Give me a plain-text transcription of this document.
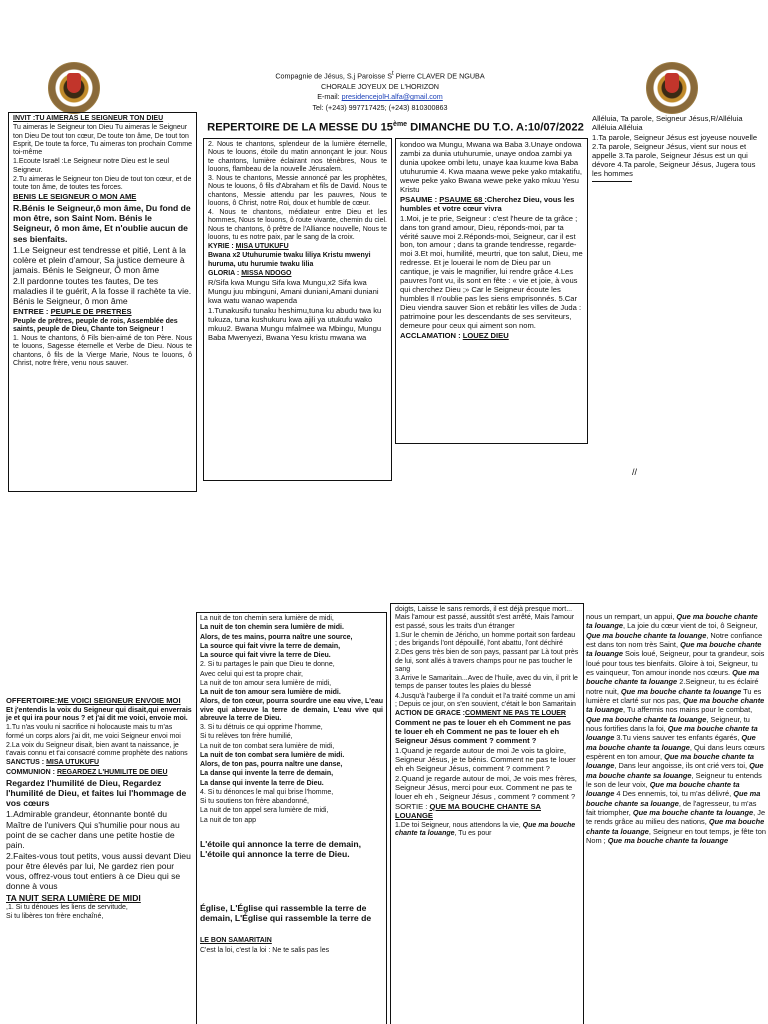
Compagnie de Jésus, S.j Paroisse $S^t$ Pierre CLAVER DE NGUBA
CHORALE JOYEUX DE L'HORIZON
E-mail: presidencejolH.alfa@gmail.com
Tel: (+243) 997717425; (+243) 810300863
REPERTOIRE DE LA MESSE DU 15ème DIMANCHE DU T.O. A:10/07/2022

INVIT :TU AIMERAS LE SEIGNEUR TON DIEU

Tu aimeras le Seigneur ton Dieu Tu aimeras le Seigneur ton Dieu De tout ton cœur, De toute ton âme, De tout ton Esprit, De toute ta force, Tu aimeras ton prochain Comme toi-même

1.Ecoute Israël :Le Seigneur notre Dieu est le seul Seigneur.

2.Tu aimeras le Seigneur ton Dieu de tout ton cœur, et de toute ton âme, de toutes tes forces.

BENIS LE SEIGNEUR O MON AME

R.Bénis le Seigneur,ô mon âme, Du fond de mon être, son Saint Nom. Bénis le Seigneur, ô mon âme, Et n'oublie aucun de ses bienfaits.

1.Le Seigneur est tendresse et pitié, Lent à la colère et plein d'amour, Sa justice demeure à jamais. Bénis le Seigneur, Ô mon âme

2.Il pardonne toutes tes fautes, De tes maladies il te guérit, A la fosse il rachète ta vie. Bénis le Seigneur, ô mon âme

ENTREE : PEUPLE DE PRETRES

Peuple de prêtres, peuple de rois, Assemblée des saints, peuple de Dieu, Chante ton Seigneur !

1. Nous te chantons, ô Fils bien-aimé de ton Père. Nous te louons, Sagesse éternelle et Verbe de Dieu. Nous te chantons, ô fils de la Vierge Marie, Nous te louons, ô Christ, notre frère, venu nous sauver.

2. Nous te chantons, splendeur de la lumière éternelle, Nous te louons, étoile du matin annonçant le jour. Nous te chantons, lumière éclairant nos ténèbres, Nous te louons, flambeau de la nouvelle Jérusalem.

3. Nous te chantons, Messie annoncé par les prophètes, Nous te louons, ô fils d'Abraham et fils de David. Nous te chantons, Messie attendu par les pauvres, Nous te louons, ô Christ, notre Roi, doux et humble de cœur.

4. Nous te chantons, médiateur entre Dieu et les hommes, Nous te louons, ô route vivante, chemin du ciel. Nous te chantons, ô prêtre de l'Alliance nouvelle, Nous te louons, tu es notre paix, par le sang de la croix.

KYRIE : MISA UTUKUFU

Bwana x2 Utuhurumie twaku liliya Kristu mwenyi huruma, utu hurumie twaku lilia

GLORIA : MISSA NDOGO

R/Sifa kwa Mungu Sifa kwa Mungu,x2 Sifa kwa Mungu juu mbinguni, Amani duniani,Amani duniani kwa watu wanao wapenda

1.Tunakusifu tunaku heshimu,tuna ku abudu twa ku tukuza, tuna kushukuru kwa ajili ya utukufu wako mkuu2. Bwana Mungu mfalmee wa Mbingu, Mungu Baba Mwenyezi, Bwana Yesu kristu mwana wa

kondoo wa Mungu, Mwana wa Baba 3.Unaye ondowa zambi za dunia utuhurumie, unaye ondoa zambi ya dunia upokee ombi letu, unaye kaa kuume kwa Baba utuhurumie 4. Kwa maana wewe peke yako mtakatifu, wewe peke yako Bwana wewe peke yako mkuu Yesu Kristu

PSAUME : PSAUME 68 :Cherchez Dieu, vous les humbles et votre cœur vivra

1.Moi, je te prie, Seigneur : c'est l'heure de ta grâce ; dans ton grand amour, Dieu, réponds-moi, par ta vérité sauve moi 2.Réponds-moi, Seigneur, car il est bon, ton amour ; dans ta grande tendresse, regarde-moi 3.Et moi, humilité, meurtri, que ton salut, Dieu, me redresse. Et je louerai le nom de Dieu par un cantique, je vais le magnifier, lui rendre grâce 4.Les pauvres l'ont vu, ils sont en fête : « vie et joie, à vous qui cherchez Dieu ;» Car le Seigneur écoute les humbles Il n'oublie pas les siens emprisonnés. 5.Car Dieu viendra sauver Sion et rebâtir les villes de Juda : patrimoine pour les descendants de ses serviteurs, demeure pour ceux qui aiment son nom.

ACCLAMATION : LOUEZ DIEU

Alléluia, Ta parole, Seigneur Jésus,R/Alléluia Alléluia Alléluia

1.Ta parole, Seigneur Jésus est joyeuse nouvelle 2.Ta parole, Seigneur Jésus, vient sur nous et appelle 3.Ta parole, Seigneur Jésus est un qui dévore 4.Ta parole, Seigneur Jésus, Jugera tous les hommes

//

OFFERTOIRE:ME VOICI SEIGNEUR ENVOIE MOI

Et j'entendis la voix du Seigneur qui disait,qui enverrais je et qui ira pour nous ? et j'ai dit me voici, envoie moi.

1.Tu n'as voulu ni sacrifice ni holocauste mais tu m'as formé un corps alors j'ai dit, me voici Seigneur envoi moi

2.La voix du Seigneur disait, bien avant ta naissance, je t'avais connu et t'ai consacré comme prophète des nations

SANCTUS : MISA UTUKUFU

COMMUNION : REGARDEZ L'HUMILITE DE DIEU

Regardez l'humilité de Dieu, Regardez l'humilité de Dieu, et faites lui l'hommage de vos cœurs

1.Admirable grandeur, étonnante bonté du Maître de l'univers Qui s'humilie pour nous au point de se cacher dans une petite hostie de pain.

2.Faites-vous tout petits, vous aussi devant Dieu pour être élevés par lui, Ne gardez rien pour vous, offrez-vous tout entiers à ce Dieu qui se donne à vous

TA NUIT SERA LUMIÈRE DE MIDI

,1. Si tu dénoues les liens de servitude,

Si tu libères ton frère enchaîné,

La nuit de ton chemin sera lumière de midi,

La nuit de ton chemin sera lumière de midi.

Alors, de tes mains, pourra naître une source,

La source qui fait vivre la terre de demain,

La source qui fait vivre la terre de Dieu.

2. Si tu partages le pain que Dieu te donne,

Avec celui qui est ta propre chair,

La nuit de ton amour sera lumière de midi,

La nuit de ton amour sera lumière de midi.

Alors, de ton cœur, pourra sourdre une eau vive, L'eau vive qui abreuve la terre de demain, L'eau vive qui abreuve la terre de Dieu.

3. Si tu détruis ce qui opprime l'homme,

Si tu relèves ton frère humilié,

La nuit de ton combat sera lumière de midi,

La nuit de ton combat sera lumière de midi.

Alors, de ton pas, pourra naître une danse,

La danse qui invente la terre de demain,

La danse qui invente la terre de Dieu.

4. Si tu dénonces le mal qui brise l'homme,

Si tu soutiens ton frère abandonné,

La nuit de ton appel sera lumière de midi,

La nuit de ton app

L'étoile qui annonce la terre de demain, L'étoile qui annonce la terre de Dieu.

Église, L'Église qui rassemble la terre de demain, L'Église qui rassemble la terre de

LE BON SAMARITAIN

C'est la loi, c'est la loi : Ne te salis pas les

doigts, Laisse le sans remords, il est déjà presque mort... Mais l'amour est passé, aussitôt s'est arrêté, Mais l'amour est passé, sous les traits d'un étranger

1.Sur le chemin de Jéricho, un homme portait son fardeau ; des brigands l'ont dépouillé, l'ont abattu, l'ont déchiré

2.Des gens très bien de son pays, passant par Là tout près de lui, sont allés à travers champs pour ne pas toucher le sang

3.Arrive le Samaritain...Avec de l'huile, avec du vin, il prit le temps de panser toutes les plaies du blessé

4.Jusqu'à l'auberge il l'a conduit et l'a traité comme un ami ; Depuis ce jour, on s'en souvient, c'était le bon Samaritain

ACTION DE GRACE :COMMENT NE PAS TE LOUER

Comment ne pas te louer eh eh Comment ne pas te louer eh eh Comment ne pas te louer eh eh Seigneur Jésus comment ? comment ?

1.Quand je regarde autour de moi Je vois ta gloire, Seigneur Jésus, je te bénis. Comment ne pas te louer eh eh Seigneur Jésus, comment ? comment ?

2.Quand je regarde autour de moi, Je vois mes frères, Seigneur Jésus, merci pour eux. Comment ne pas te louer eh eh , Seigneur Jésus , comment ? comment ?

SORTIE : QUE MA BOUCHE CHANTE SA LOUANGE

1.De toi Seigneur, nous attendons la vie, Que ma bouche chante ta louange, Tu es pour

nous un rempart, un appui, Que ma bouche chante ta louange, La joie du cœur vient de toi, ô Seigneur, Que ma bouche chante ta louange, Notre confiance est dans ton nom très Saint, Que ma bouche chante ta louange Sois loué, Seigneur, pour ta grandeur, sois loué pour tous tes bienfaits. Gloire à toi, Seigneur, tu es vainqueur, Ton amour inonde nos cœurs. Que ma bouche chante ta louange 2.Seigneur, tu es éclairé notre nuit, Que ma bouche chante ta louange Tu es lumière et clarté sur nos pas, Que ma bouche chante ta louange, Tu affermis nos mains pour le combat, Que ma bouche chante ta louange, Seigneur, tu nous fortifies dans la foi, Que ma bouche chante ta louange 3.Tu viens sauver tes enfants égarés, Que ma bouche chante ta louange, Qui dans leurs cœurs espèrent en ton amour, Que ma bouche chante ta louange, Dans leur angoisse, ils ont crié vers toi, Que ma bouche chante sa louange, Seigneur tu entends le son de leur voix, Que ma bouche chante ta louange 4 Des ennemis, toi, tu m'as délivré, Que ma bouche chante sa louange, de l'agresseur, tu m'as fait triompher, Que ma bouche chante ta louange, Je te rends grâce au milieu des nations, Que ma bouche chante ta louange, Seigneur en tout temps, je fête ton Nom ; Que ma bouche chante ta louange
